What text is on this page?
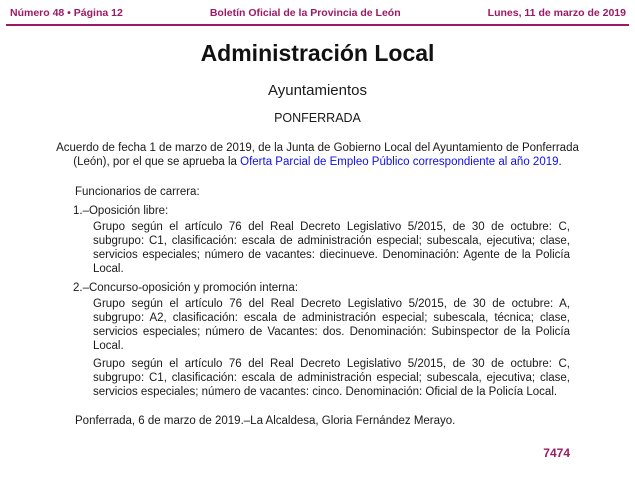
Número 48 • Página 12	Boletín Oficial de la Provincia de León	Lunes, 11 de marzo de 2019
Administración Local
Ayuntamientos
PONFERRADA

Acuerdo de fecha 1 de marzo de 2019, de la Junta de Gobierno Local del Ayuntamiento de Ponferrada (León), por el que se aprueba la Oferta Parcial de Empleo Público correspondiente al año 2019.

Funcionarios de carrera:
1.–Oposición libre:

Grupo según el artículo 76 del Real Decreto Legislativo 5/2015, de 30 de octubre: C, subgrupo: C1, clasificación: escala de administración especial; subescala, ejecutiva; clase, servicios especiales; número de vacantes: diecinueve. Denominación: Agente de la Policía Local.

2.–Concurso-oposición y promoción interna:

Grupo según el artículo 76 del Real Decreto Legislativo 5/2015, de 30 de octubre: A, subgrupo: A2, clasificación: escala de administración especial; subescala, técnica; clase, servicios especiales; número de Vacantes: dos. Denominación: Subinspector de la Policía Local.

Grupo según el artículo 76 del Real Decreto Legislativo 5/2015, de 30 de octubre: C, subgrupo: C1, clasificación: escala de administración especial; subescala, ejecutiva; clase, servicios especiales; número de vacantes: cinco. Denominación: Oficial de la Policía Local.

Ponferrada, 6 de marzo de 2019.–La Alcaldesa, Gloria Fernández Merayo.
7474
